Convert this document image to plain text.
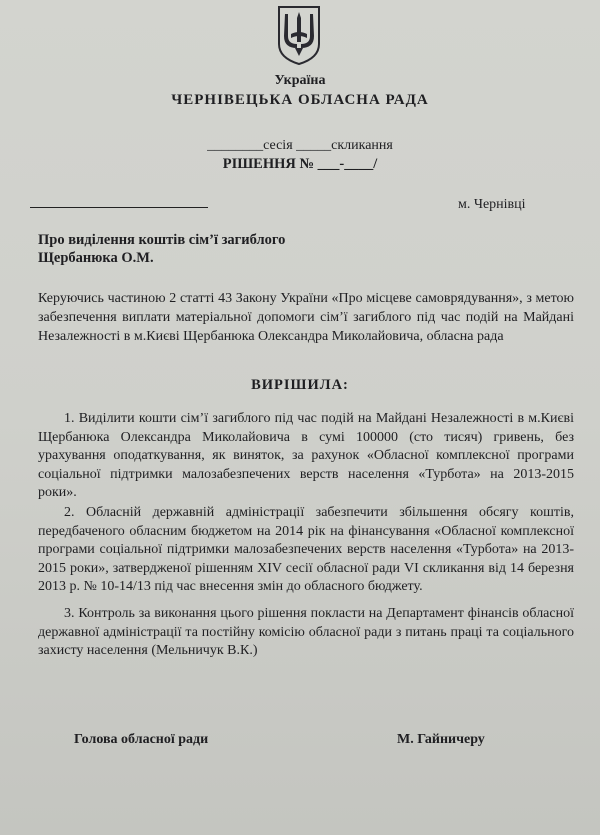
Україна
ЧЕРНІВЕЦЬКА ОБЛАСНА РАДА
________сесія _____скликання
РІШЕННЯ № ___-____/
м. Чернівці
Про виділення коштів сім’ї загиблого Щербанюка О.М.
Керуючись частиною 2 статті 43 Закону України «Про місцеве самоврядування», з метою забезпечення виплати матеріальної допомоги сім’ї загиблого під час подій на Майдані Незалежності в м.Києві Щербанюка Олександра Миколайовича, обласна рада
ВИРІШИЛА:
1. Виділити кошти сім’ї загиблого під час подій на Майдані Незалежності в м.Києві Щербанюка Олександра Миколайовича в сумі 100000 (сто тисяч) гривень, без урахування оподаткування, як виняток, за рахунок «Обласної комплексної програми соціальної підтримки малозабезпечених верств населення «Турбота» на 2013-2015 роки».
2. Обласній державній адміністрації забезпечити збільшення обсягу коштів, передбаченого обласним бюджетом на 2014 рік на фінансування «Обласної комплексної програми соціальної підтримки малозабезпечених верств населення «Турбота» на 2013-2015 роки», затвердженої рішенням XIV сесії обласної ради VI скликання від 14 березня 2013 р. № 10-14/13 під час внесення змін до обласного бюджету.
3. Контроль за виконання цього рішення покласти на Департамент фінансів обласної державної адміністрації та постійну комісію обласної ради з питань праці та соціального захисту населення (Мельничук В.К.)
Голова обласної ради	М. Гайничеру
